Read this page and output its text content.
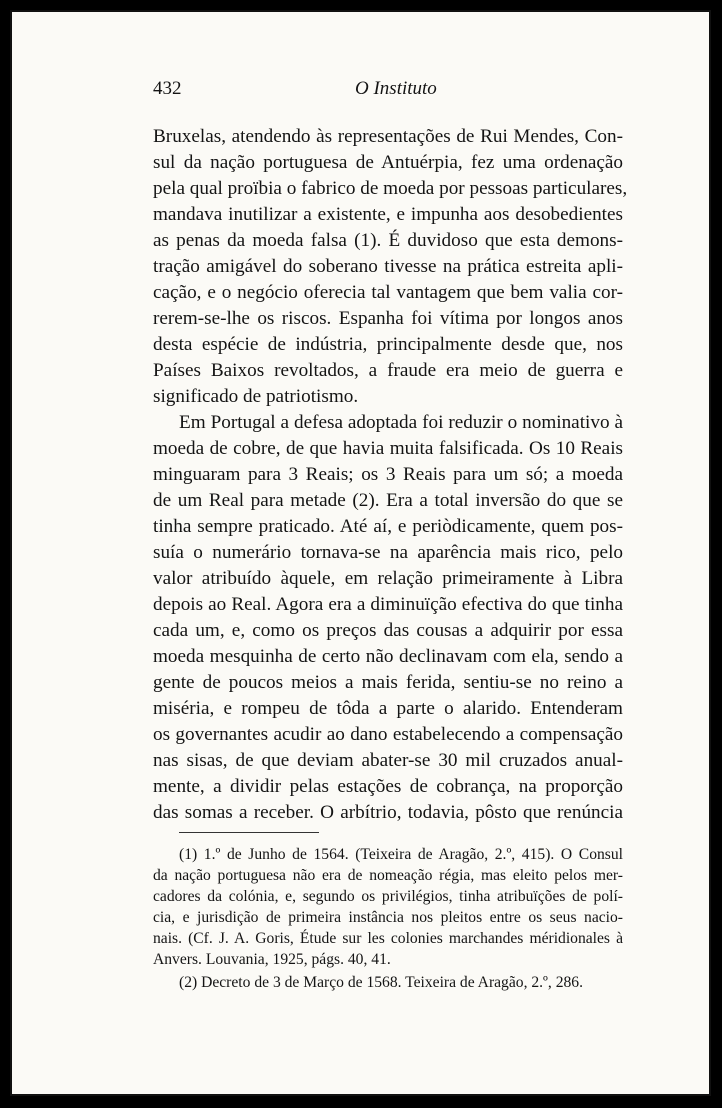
432	O Instituto

Bruxelas, atendendo às representações de Rui Mendes, Con-

sul da nação portuguesa de Antuérpia, fez uma ordenação

pela qual proïbia o fabrico de moeda por pessoas particulares,

mandava inutilizar a existente, e impunha aos desobedientes

as penas da moeda falsa (1). É duvidoso que esta demons-

tração amigável do soberano tivesse na prática estreita apli-

cação, e o negócio oferecia tal vantagem que bem valia cor-

rerem-se-lhe os riscos. Espanha foi vítima por longos anos

desta espécie de indústria, principalmente desde que, nos

Países Baixos revoltados, a fraude era meio de guerra e

significado de patriotismo.

Em Portugal a defesa adoptada foi reduzir o nominativo à

moeda de cobre, de que havia muita falsificada. Os 10 Reais

minguaram para 3 Reais; os 3 Reais para um só; a moeda

de um Real para metade (2). Era a total inversão do que se

tinha sempre praticado. Até aí, e periòdicamente, quem pos-

suía o numerário tornava-se na aparência mais rico, pelo

valor atribuído àquele, em relação primeiramente à Libra

depois ao Real. Agora era a diminuïção efectiva do que tinha

cada um, e, como os preços das cousas a adquirir por essa

moeda mesquinha de certo não declinavam com ela, sendo a

gente de poucos meios a mais ferida, sentiu-se no reino a

miséria, e rompeu de tôda a parte o alarido. Entenderam

os governantes acudir ao dano estabelecendo a compensação

nas sisas, de que deviam abater-se 30 mil cruzados anual-

mente, a dividir pelas estações de cobrança, na proporção

das somas a receber. O arbítrio, todavia, pôsto que renúncia

(1) 1.º de Junho de 1564. (Teixeira de Aragão, 2.º, 415). O Consul

da nação portuguesa não era de nomeação régia, mas eleito pelos mer-

cadores da colónia, e, segundo os privilégios, tinha atribuïções de polí-

cia, e jurisdição de primeira instância nos pleitos entre os seus nacio-

nais. (Cf. J. A. Goris, Étude sur les colonies marchandes méridionales à

Anvers. Louvania, 1925, págs. 40, 41.

(2) Decreto de 3 de Março de 1568. Teixeira de Aragão, 2.º, 286.
